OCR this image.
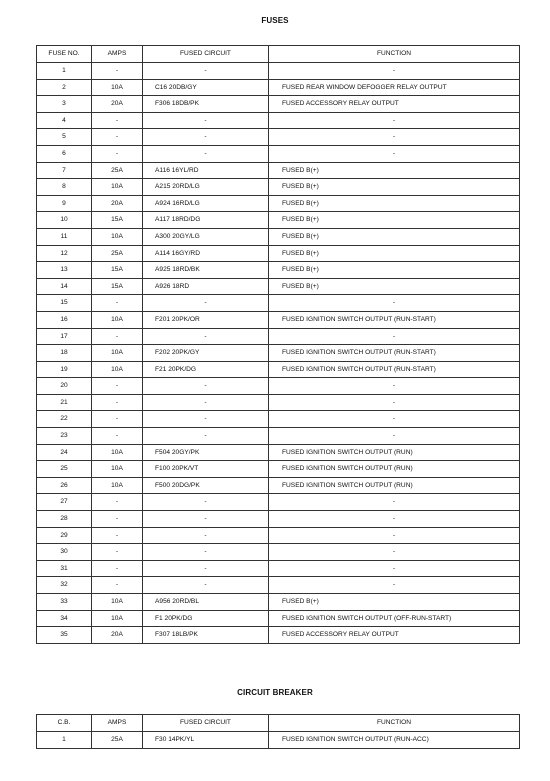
FUSES
FUSE NO.	AMPS	FUSED CIRCUIT	FUNCTION
1	-	-	-
2	10A	C16 20DB/GY	FUSED REAR WINDOW DEFOGGER RELAY OUTPUT
3	20A	F306 18DB/PK	FUSED ACCESSORY RELAY OUTPUT
4	-	-	-
5	-	-	-
6	-	-	-
7	25A	A116 16YL/RD	FUSED B(+)
8	10A	A215 20RD/LG	FUSED B(+)
9	20A	A924 16RD/LG	FUSED B(+)
10	15A	A117 18RD/DG	FUSED B(+)
11	10A	A300 20GY/LG	FUSED B(+)
12	25A	A114 16GY/RD	FUSED B(+)
13	15A	A925 18RD/BK	FUSED B(+)
14	15A	A926 18RD	FUSED B(+)
15	-	-	-
16	10A	F201 20PK/OR	FUSED IGNITION SWITCH OUTPUT (RUN-START)
17	-	-	-
18	10A	F202 20PK/GY	FUSED IGNITION SWITCH OUTPUT (RUN-START)
19	10A	F21 20PK/DG	FUSED IGNITION SWITCH OUTPUT (RUN-START)
20	-	-	-
21	-	-	-
22	-	-	-
23	-	-	-
24	10A	F504 20GY/PK	FUSED IGNITION SWITCH OUTPUT (RUN)
25	10A	F100 20PK/VT	FUSED IGNITION SWITCH OUTPUT (RUN)
26	10A	F500 20DG/PK	FUSED IGNITION SWITCH OUTPUT (RUN)
27	-	-	-
28	-	-	-
29	-	-	-
30	-	-	-
31	-	-	-
32	-	-	-
33	10A	A956 20RD/BL	FUSED B(+)
34	10A	F1 20PK/DG	FUSED IGNITION SWITCH OUTPUT (OFF-RUN-START)
35	20A	F307 18LB/PK	FUSED ACCESSORY RELAY OUTPUT
CIRCUIT BREAKER
C.B.	AMPS	FUSED CIRCUIT	FUNCTION
1	25A	F30 14PK/YL	FUSED IGNITION SWITCH OUTPUT (RUN-ACC)
